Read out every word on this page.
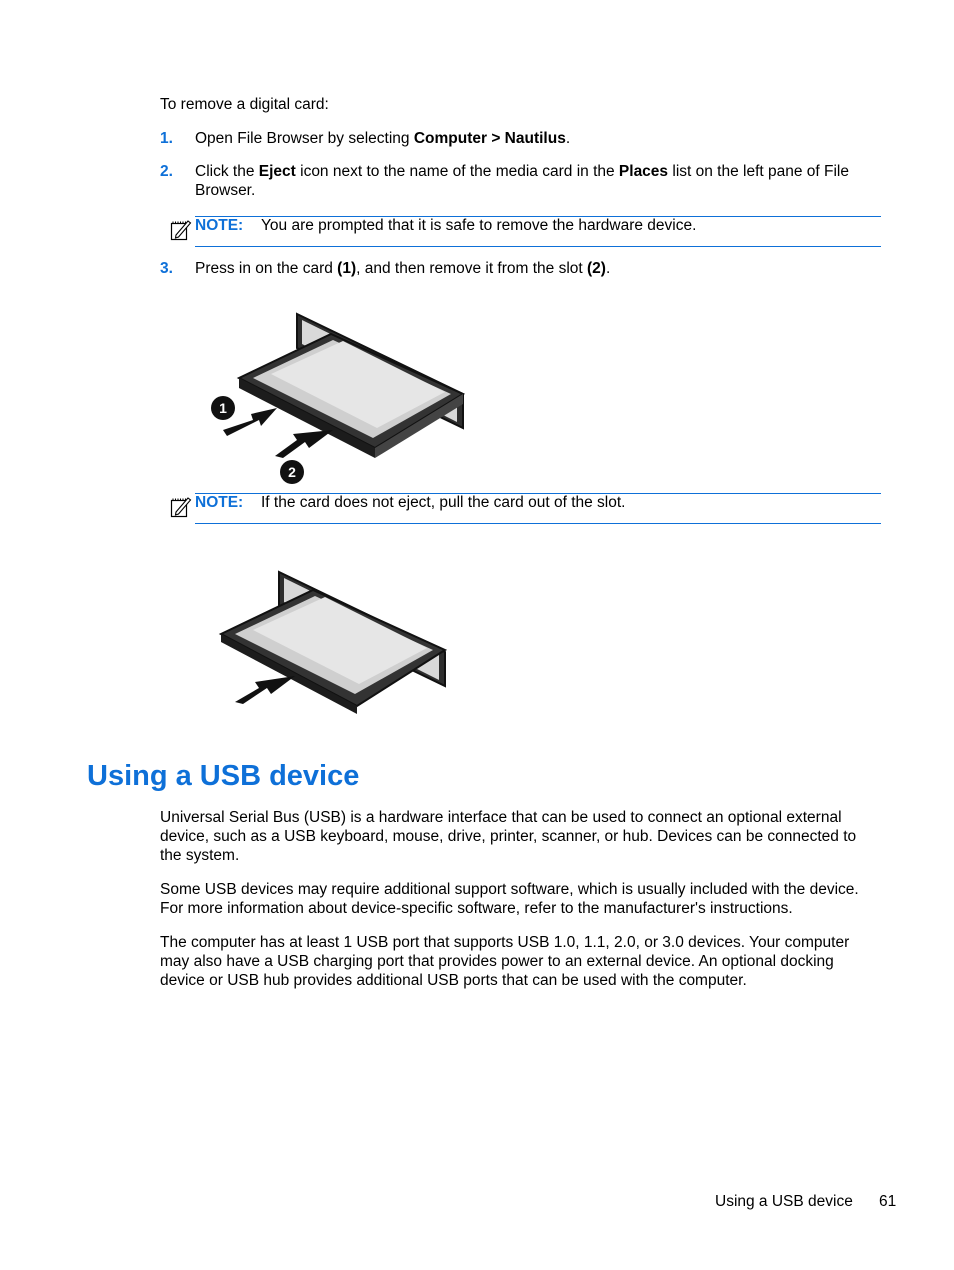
To remove a digital card:
1. Open File Browser by selecting Computer > Nautilus.
2. Click the Eject icon next to the name of the media card in the Places list on the left pane of File Browser.
NOTE: You are prompted that it is safe to remove the hardware device.
3. Press in on the card (1), and then remove it from the slot (2).
1
2
NOTE: If the card does not eject, pull the card out of the slot.
Using a USB device
Universal Serial Bus (USB) is a hardware interface that can be used to connect an optional external device, such as a USB keyboard, mouse, drive, printer, scanner, or hub. Devices can be connected to the system.
Some USB devices may require additional support software, which is usually included with the device. For more information about device-specific software, refer to the manufacturer's instructions.
The computer has at least 1 USB port that supports USB 1.0, 1.1, 2.0, or 3.0 devices. Your computer may also have a USB charging port that provides power to an external device. An optional docking device or USB hub provides additional USB ports that can be used with the computer.
Using a USB device 61
